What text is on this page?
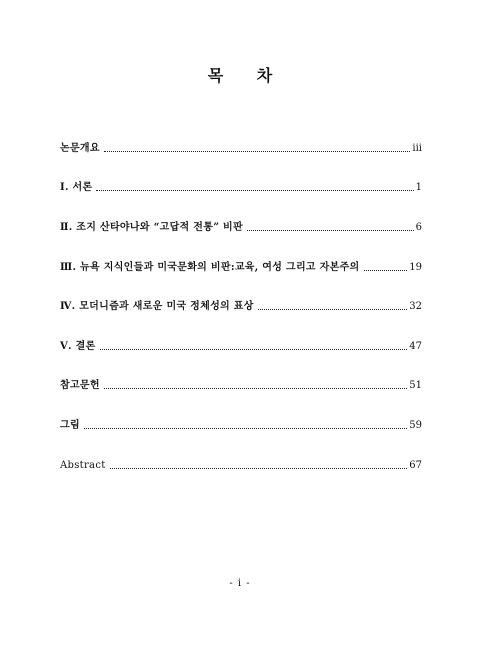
목 차
논문개요	iii
Ⅰ. 서론	1
Ⅱ. 조지 산타야나와 “고답적 전통” 비판	6
Ⅲ. 뉴욕 지식인들과 미국문화의 비판:교육, 여성 그리고 자본주의	19
Ⅳ. 모더니즘과 새로운 미국 정체성의 표상	32
Ⅴ. 결론	47
참고문헌	51
그림	59
Abstract	67
- i -
